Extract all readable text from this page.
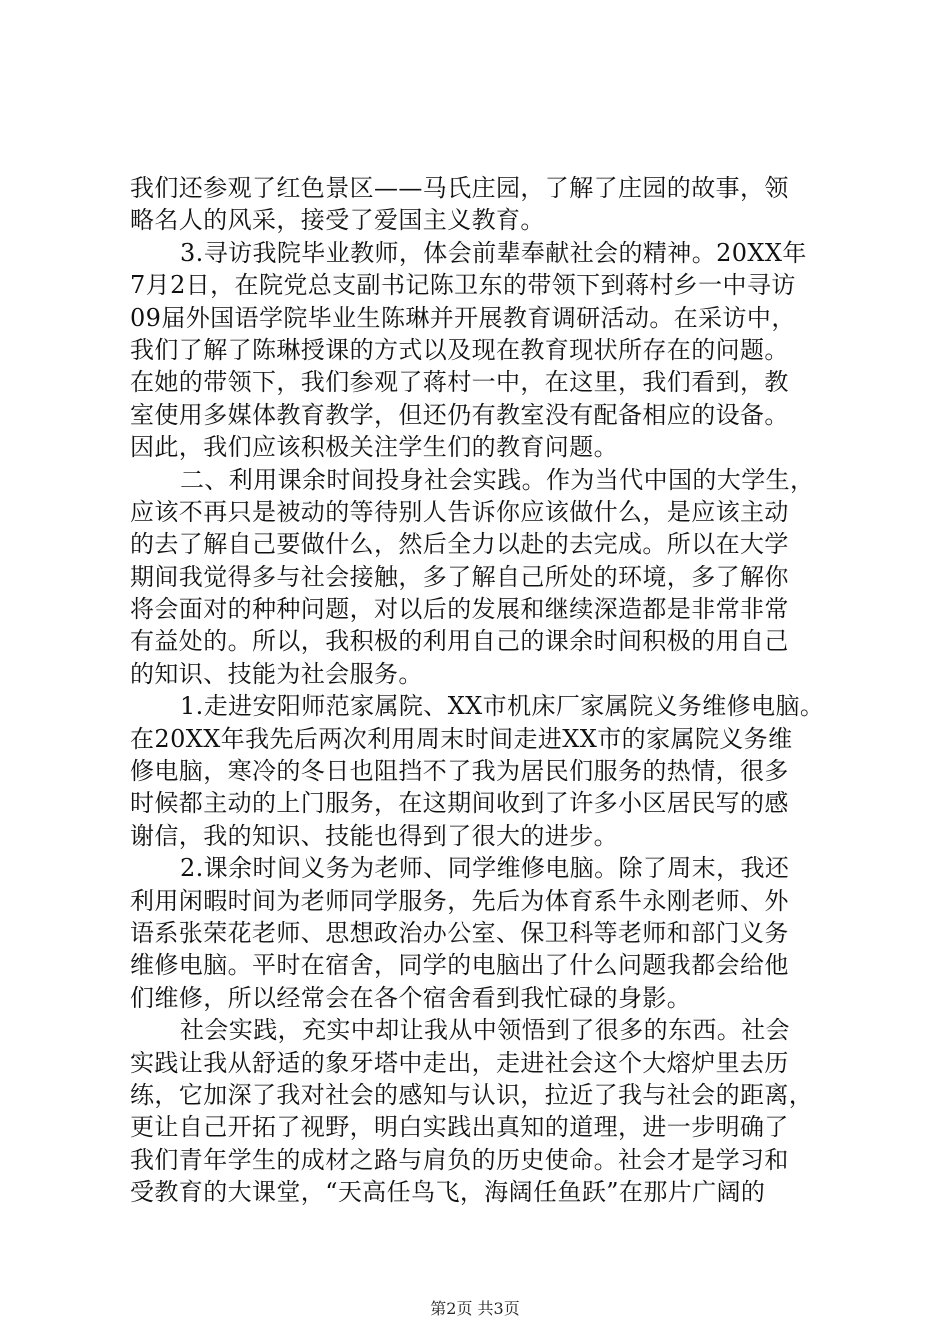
我们还参观了红色景区——马氏庄园，了解了庄园的故事，领
略名人的风采，接受了爱国主义教育。
3.寻访我院毕业教师，体会前辈奉献社会的精神。20XX年
7月2日，在院党总支副书记陈卫东的带领下到蒋村乡一中寻访
09届外国语学院毕业生陈琳并开展教育调研活动。在采访中，
我们了解了陈琳授课的方式以及现在教育现状所存在的问题。
在她的带领下，我们参观了蒋村一中，在这里，我们看到，教
室使用多媒体教育教学，但还仍有教室没有配备相应的设备。
因此，我们应该积极关注学生们的教育问题。
二、利用课余时间投身社会实践。作为当代中国的大学生，
应该不再只是被动的等待别人告诉你应该做什么，是应该主动
的去了解自己要做什么，然后全力以赴的去完成。所以在大学
期间我觉得多与社会接触，多了解自己所处的环境，多了解你
将会面对的种种问题，对以后的发展和继续深造都是非常非常
有益处的。所以，我积极的利用自己的课余时间积极的用自己
的知识、技能为社会服务。
1.走进安阳师范家属院、XX市机床厂家属院义务维修电脑。
在20XX年我先后两次利用周末时间走进XX市的家属院义务维
修电脑，寒冷的冬日也阻挡不了我为居民们服务的热情，很多
时候都主动的上门服务，在这期间收到了许多小区居民写的感
谢信，我的知识、技能也得到了很大的进步。
2.课余时间义务为老师、同学维修电脑。除了周末，我还
利用闲暇时间为老师同学服务，先后为体育系牛永刚老师、外
语系张荣花老师、思想政治办公室、保卫科等老师和部门义务
维修电脑。平时在宿舍，同学的电脑出了什么问题我都会给他
们维修，所以经常会在各个宿舍看到我忙碌的身影。
社会实践，充实中却让我从中领悟到了很多的东西。社会
实践让我从舒适的象牙塔中走出，走进社会这个大熔炉里去历
练，它加深了我对社会的感知与认识，拉近了我与社会的距离，
更让自己开拓了视野，明白实践出真知的道理，进一步明确了
我们青年学生的成材之路与肩负的历史使命。社会才是学习和
受教育的大课堂，“天高任鸟飞，海阔任鱼跃”在那片广阔的
第2页 共3页
